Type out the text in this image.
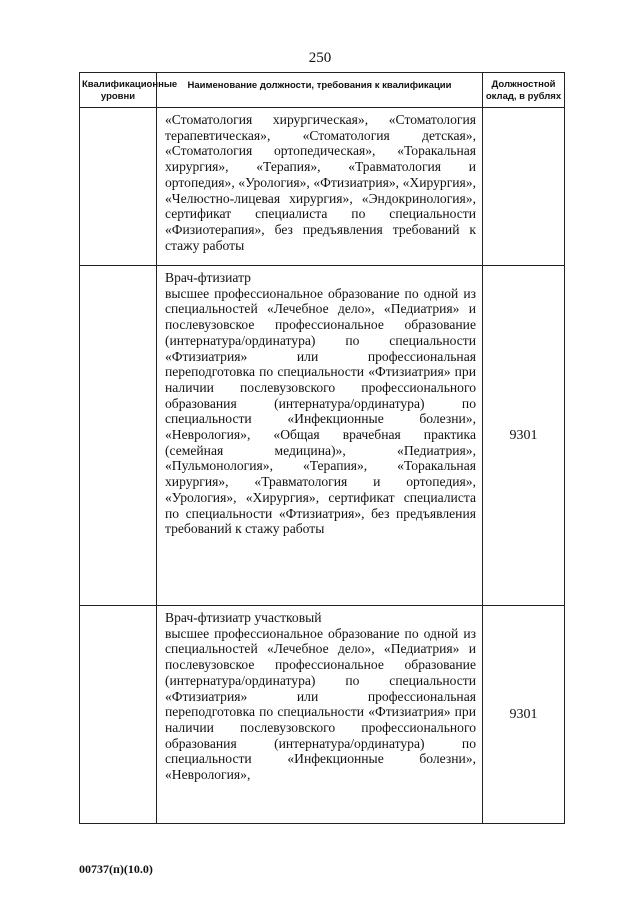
250
Квалификационные уровни	Наименование должности, требования к квалификации	Должностной оклад, в рублях

	«Стоматология хирургическая», «Стоматология терапевтическая», «Стоматология детская», «Стоматология ортопедическая», «Торакальная хирургия», «Терапия», «Травматология и ортопедия», «Урология», «Фтизиатрия», «Хирургия», «Челюстно-лицевая хирургия», «Эндокринология», сертификат специалиста по специальности «Физиотерапия», без предъявления требований к стажу работы	

	Врач-фтизиатр

высшее профессиональное образование по одной из специальностей «Лечебное дело», «Педиатрия» и послевузовское профессиональное образование (интернатура/ординатура) по специальности «Фтизиатрия» или профессиональная переподготовка по специальности «Фтизиатрия» при наличии послевузовского профессионального образования (интернатура/ординатура) по специальности «Инфекционные болезни», «Неврология», «Общая врачебная практика (семейная медицина)», «Педиатрия», «Пульмонология», «Терапия», «Торакальная хирургия», «Травматология и ортопедия», «Урология», «Хирургия», сертификат специалиста по специальности «Фтизиатрия», без предъявления требований к стажу работы	9301

	Врач-фтизиатр участковый

высшее профессиональное образование по одной из специальностей «Лечебное дело», «Педиатрия» и послевузовское профессиональное образование (интернатура/ординатура) по специальности «Фтизиатрия» или профессиональная переподготовка по специальности «Фтизиатрия» при наличии послевузовского профессионального образования (интернатура/ординатура) по специальности «Инфекционные болезни», «Неврология»,	9301
00737(п)(10.0)
